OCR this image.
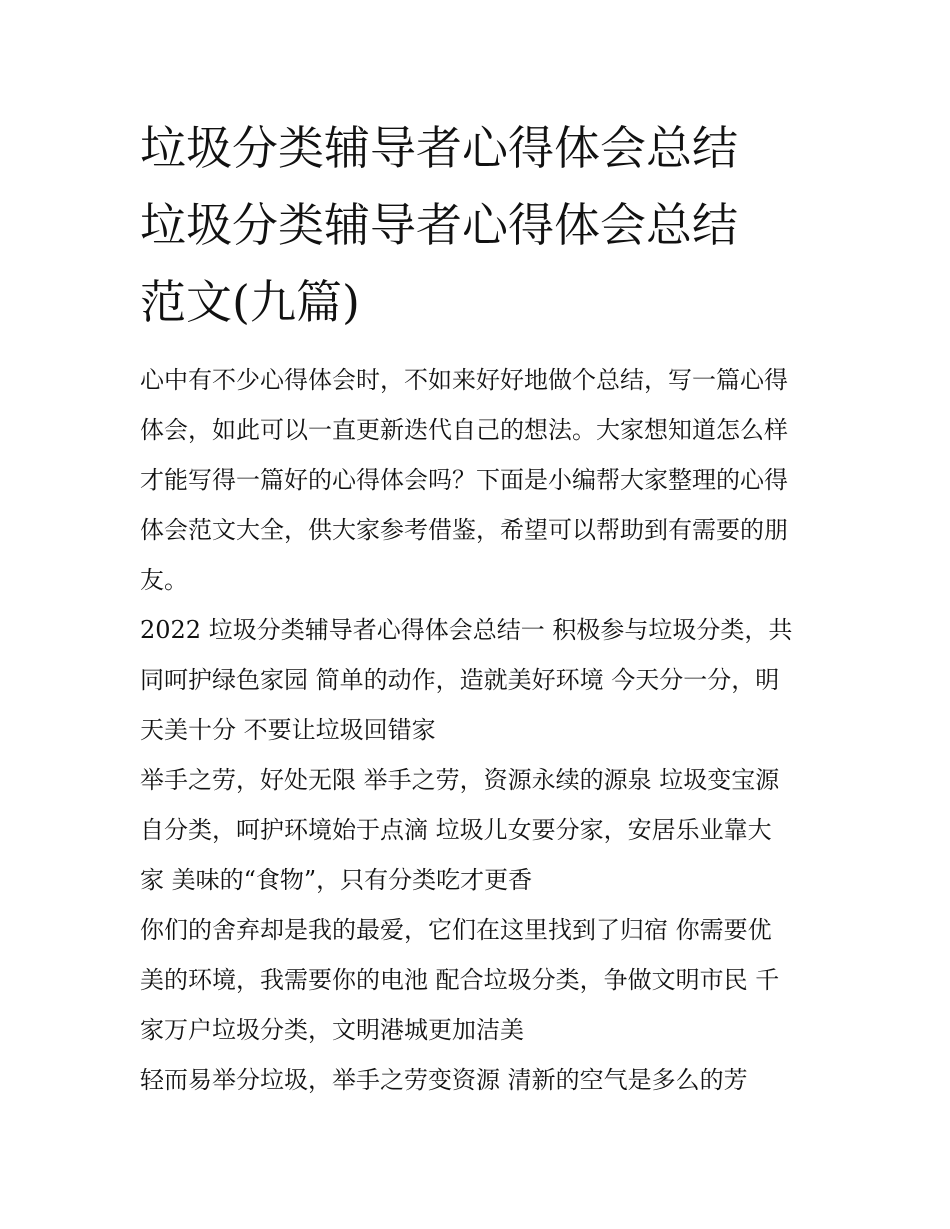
垃圾分类辅导者心得体会总结
垃圾分类辅导者心得体会总结
范文(九篇)

心中有不少心得体会时，不如来好好地做个总结，写一篇心得
体会，如此可以一直更新迭代自己的想法。大家想知道怎么样
才能写得一篇好的心得体会吗？下面是小编帮大家整理的心得
体会范文大全，供大家参考借鉴，希望可以帮助到有需要的朋
友。

2022 垃圾分类辅导者心得体会总结一 积极参与垃圾分类，共
同呵护绿色家园 简单的动作，造就美好环境 今天分一分，明
天美十分 不要让垃圾回错家

举手之劳，好处无限 举手之劳，资源永续的源泉 垃圾变宝源
自分类，呵护环境始于点滴 垃圾儿女要分家，安居乐业靠大
家 美味的“食物”，只有分类吃才更香

你们的舍弃却是我的最爱，它们在这里找到了归宿 你需要优
美的环境，我需要你的电池 配合垃圾分类，争做文明市民 千
家万户垃圾分类，文明港城更加洁美

轻而易举分垃圾，举手之劳变资源 清新的空气是多么的芳
